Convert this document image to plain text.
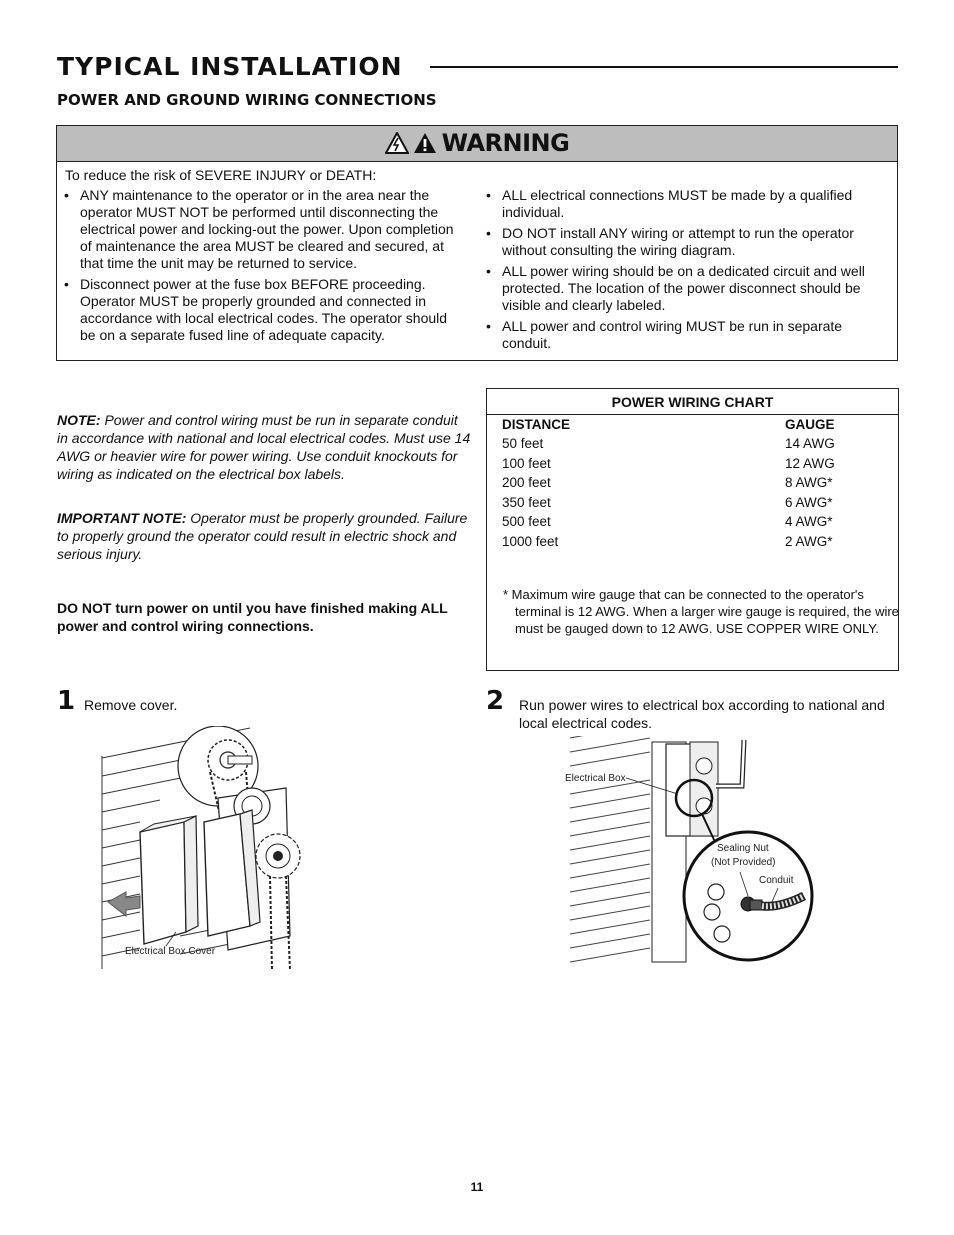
TYPICAL INSTALLATION
POWER AND GROUND WIRING CONNECTIONS
WARNING
To reduce the risk of SEVERE INJURY or DEATH:
• ANY maintenance to the operator or in the area near the operator MUST NOT be performed until disconnecting the electrical power and locking-out the power. Upon completion of maintenance the area MUST be cleared and secured, at that time the unit may be returned to service.
• Disconnect power at the fuse box BEFORE proceeding. Operator MUST be properly grounded and connected in accordance with local electrical codes. The operator should be on a separate fused line of adequate capacity.
• ALL electrical connections MUST be made by a qualified individual.
• DO NOT install ANY wiring or attempt to run the operator without consulting the wiring diagram.
• ALL power wiring should be on a dedicated circuit and well protected. The location of the power disconnect should be visible and clearly labeled.
• ALL power and control wiring MUST be run in separate conduit.
NOTE: Power and control wiring must be run in separate conduit in accordance with national and local electrical codes. Must use 14 AWG or heavier wire for power wiring. Use conduit knockouts for wiring as indicated on the electrical box labels.
IMPORTANT NOTE: Operator must be properly grounded. Failure to properly ground the operator could result in electric shock and serious injury.
DO NOT turn power on until you have finished making ALL power and control wiring connections.
POWER WIRING CHART
DISTANCE	GAUGE
50 feet	14 AWG
100 feet	12 AWG
200 feet	8 AWG*
350 feet	6 AWG*
500 feet	4 AWG*
1000 feet	2 AWG*
* Maximum wire gauge that can be connected to the operator's terminal is 12 AWG. When a larger wire gauge is required, the wire must be gauged down to 12 AWG. USE COPPER WIRE ONLY.
1 Remove cover.
Electrical Box Cover
2 Run power wires to electrical box according to national and local electrical codes.
Electrical Box
Sealing Nut
(Not Provided)
Conduit
11
